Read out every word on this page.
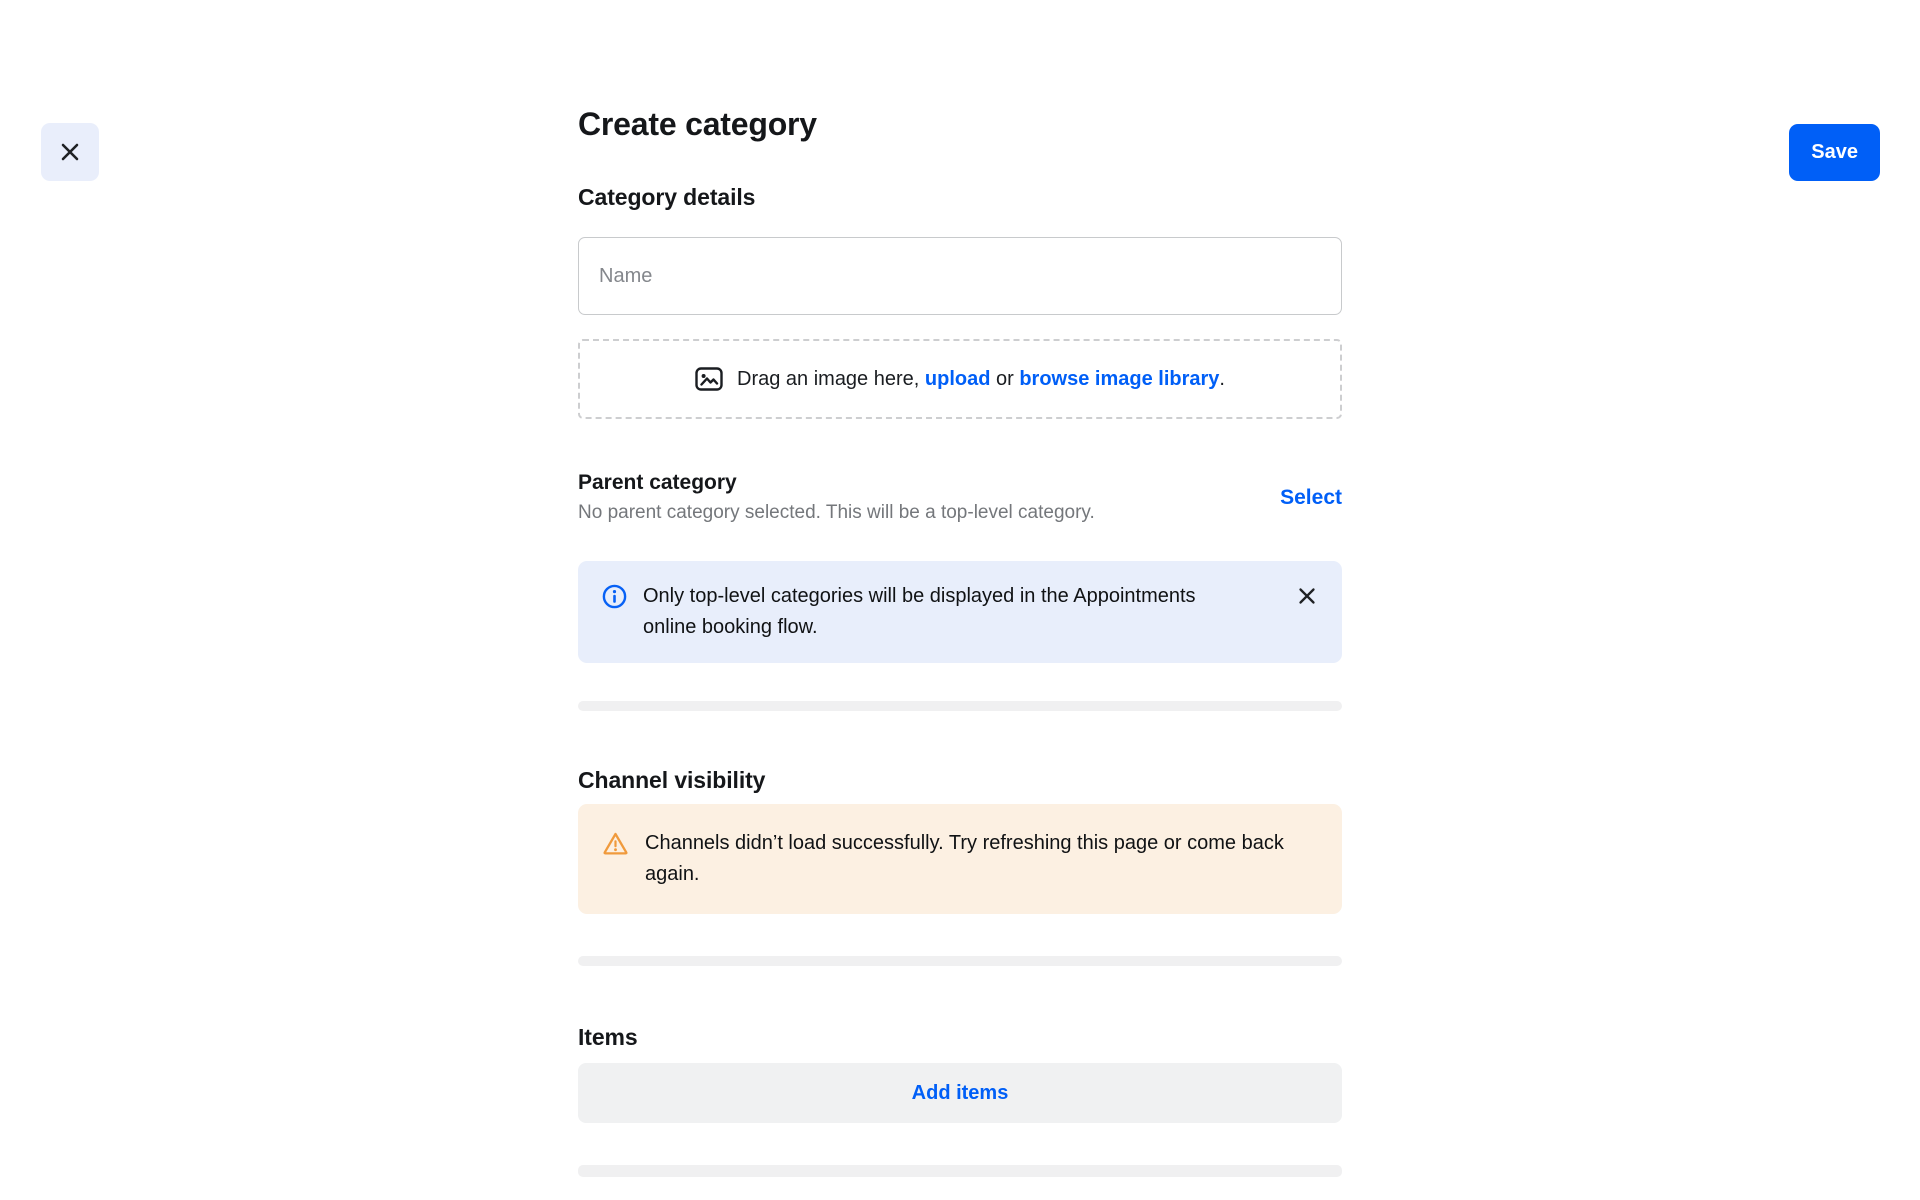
Save
Create category
Category details
Name
Drag an image here, upload or browse image library.
Parent category
No parent category selected. This will be a top-level category.
Select

Only top-level categories will be displayed in the Appointments online booking flow.

Channel visibility

Channels didn’t load successfully. Try refreshing this page or come back again.

Items
Add items
